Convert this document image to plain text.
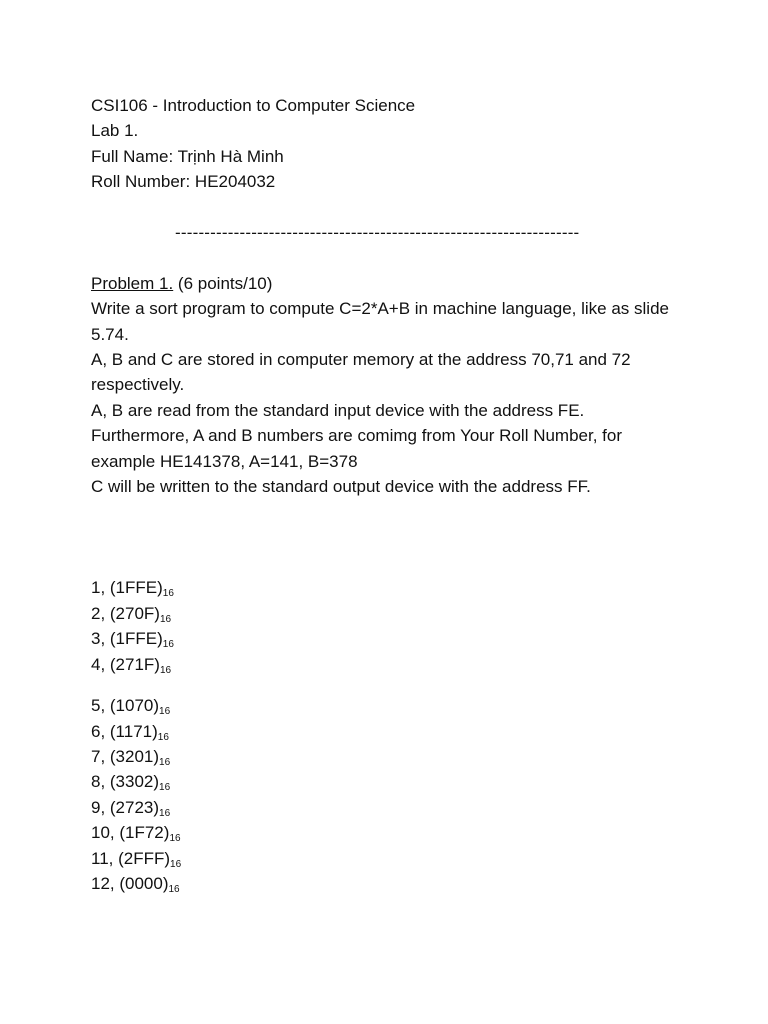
CSI106 - Introduction to Computer Science
Lab 1.
Full Name: Trịnh Hà Minh
Roll Number: HE204032
---------------------------------------------------------------------
Problem 1. (6 points/10)
Write a sort program to compute C=2*A+B in machine language, like as slide 5.74.
A, B and C are stored in computer memory at the address 70,71 and 72 respectively.
A, B are read from the standard input device with the address FE.
Furthermore, A and B numbers are comimg from Your Roll Number, for example HE141378, A=141, B=378
C will be written to the standard output device with the address FF.
1, $(1FFE)_{16}$
2, $(270F)_{16}$
3, $(1FFE)_{16}$
4, $(271F)_{16}$
5, $(1070)_{16}$
6, $(1171)_{16}$
7, $(3201)_{16}$
8, $(3302)_{16}$
9, $(2723)_{16}$
10, $(1F72)_{16}$
11, $(2FFF)_{16}$
12, $(0000)_{16}$
